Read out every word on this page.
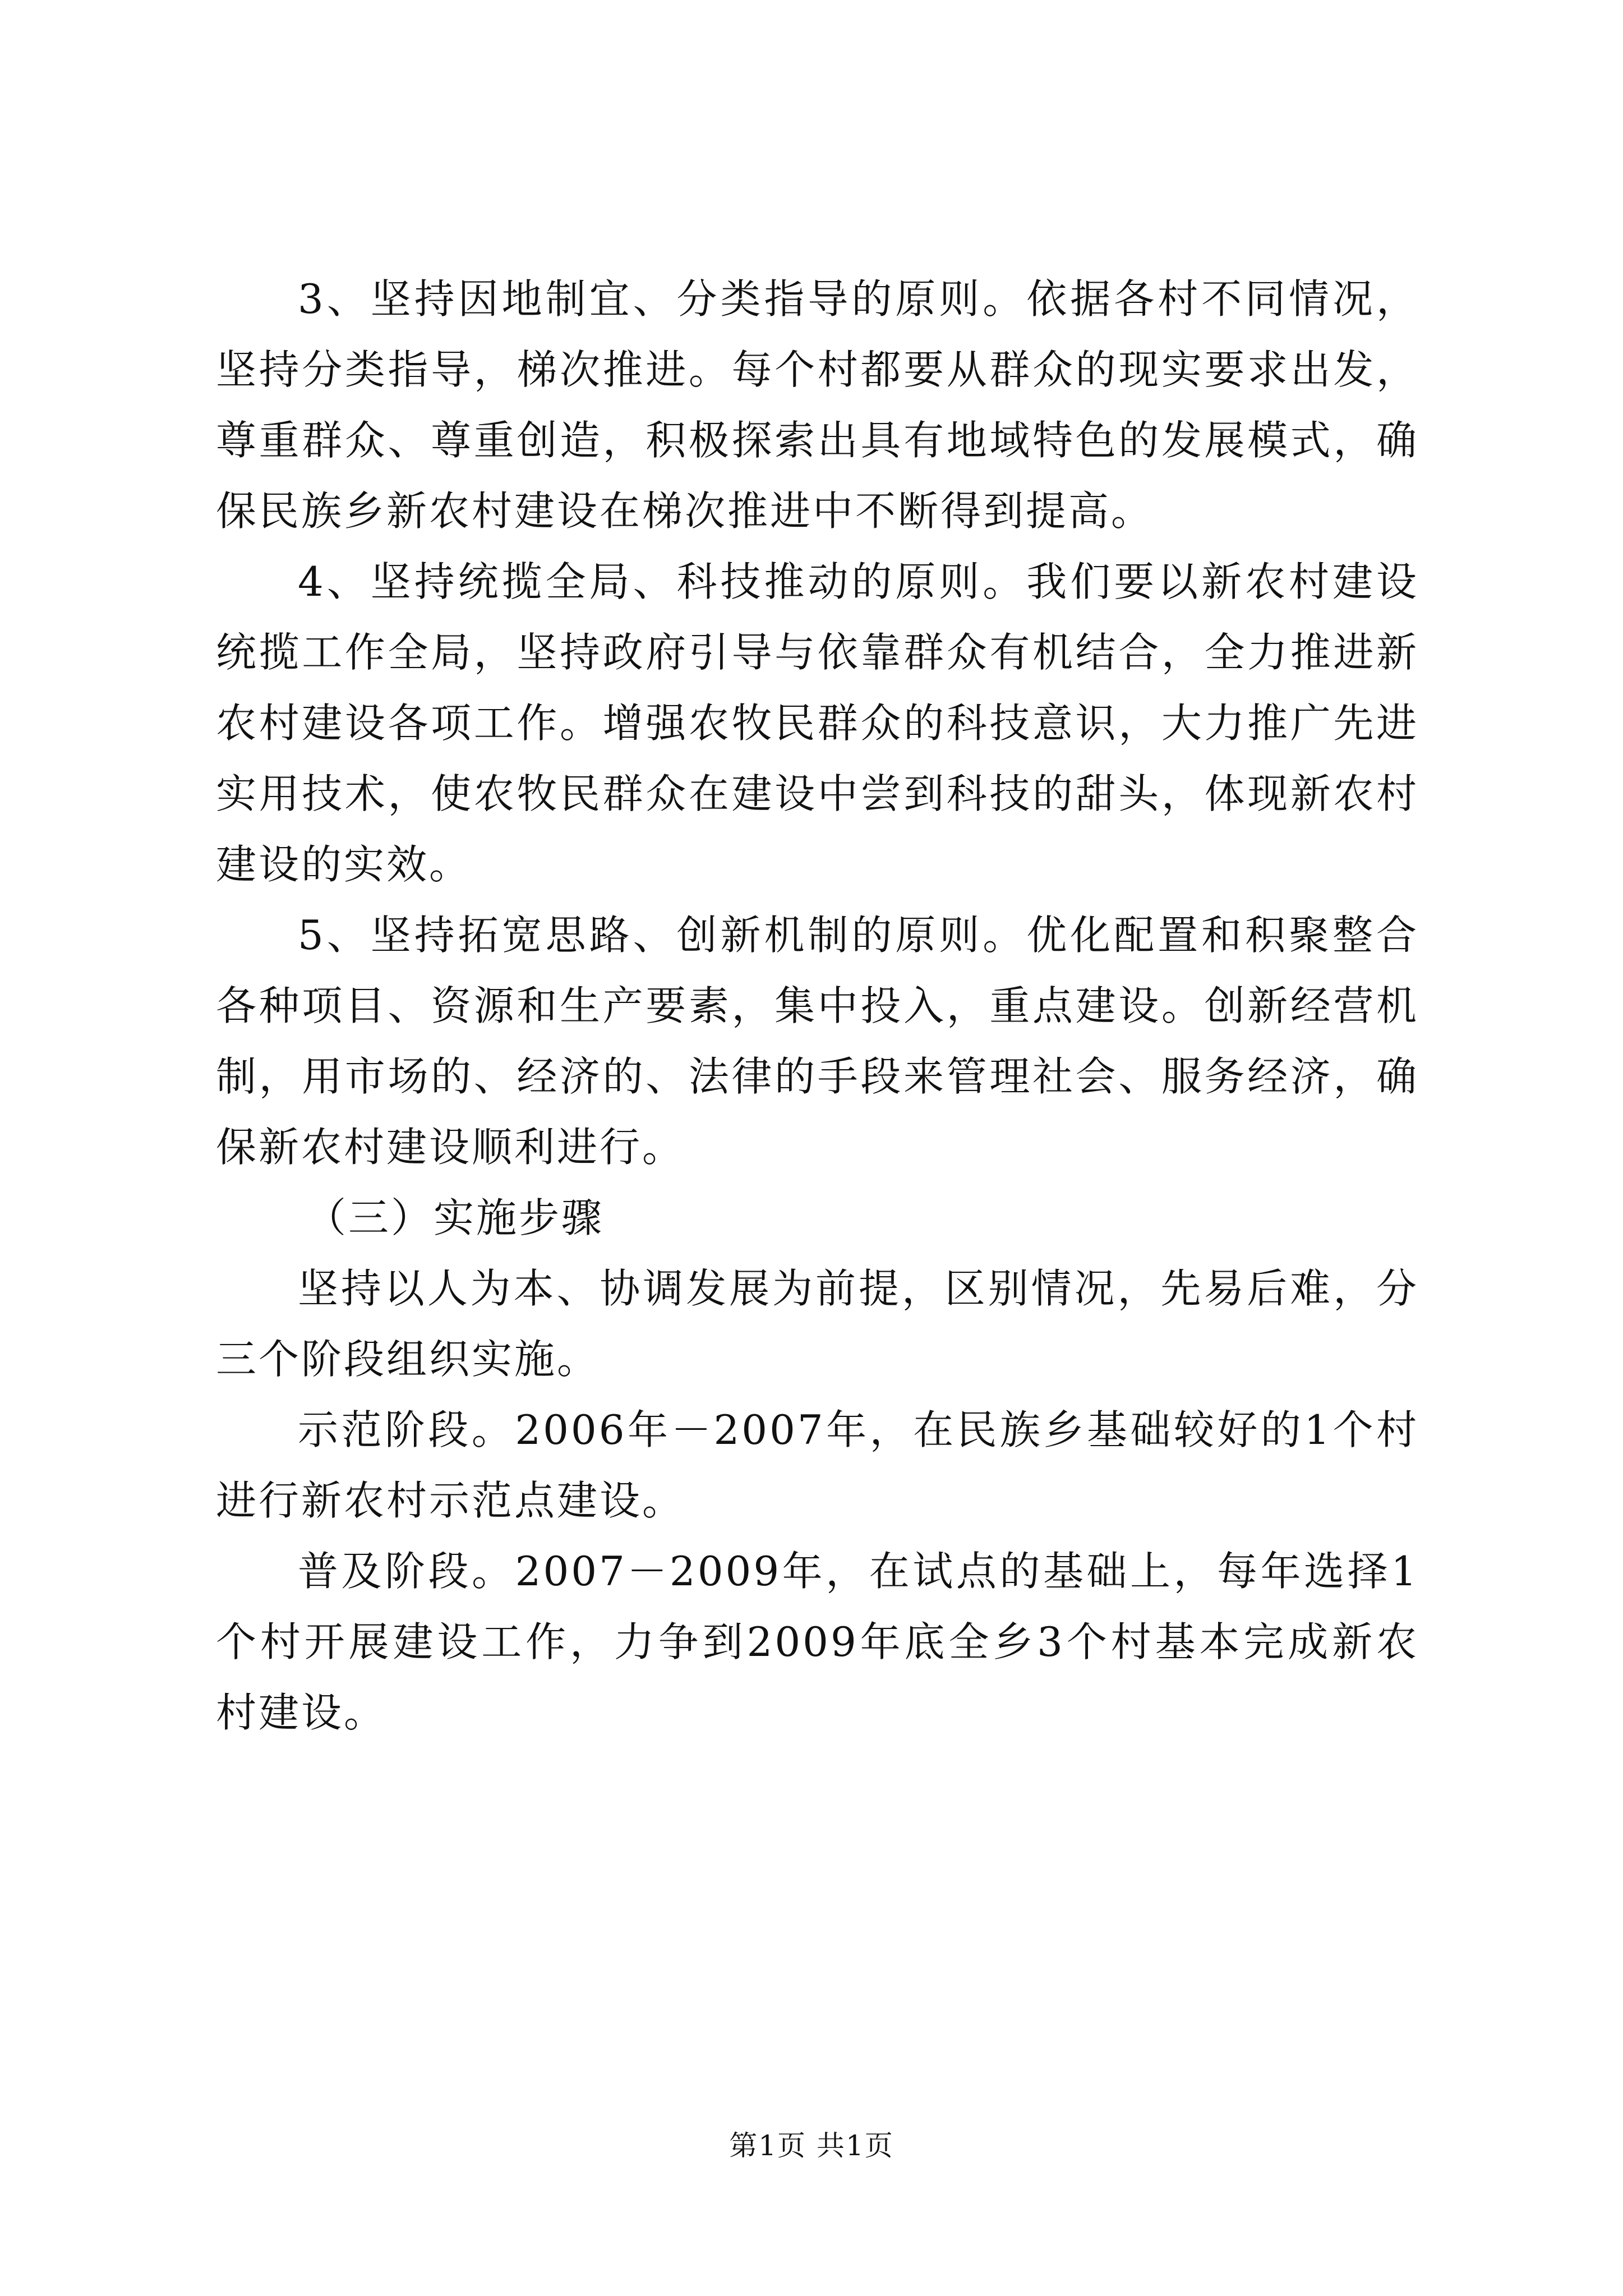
3、坚持因地制宜、分类指导的原则。依据各村不同情况，坚持分类指导，梯次推进。每个村都要从群众的现实要求出发，尊重群众、尊重创造，积极探索出具有地域特色的发展模式，确保民族乡新农村建设在梯次推进中不断得到提高。

4、坚持统揽全局、科技推动的原则。我们要以新农村建设统揽工作全局，坚持政府引导与依靠群众有机结合，全力推进新农村建设各项工作。增强农牧民群众的科技意识，大力推广先进实用技术，使农牧民群众在建设中尝到科技的甜头，体现新农村建设的实效。

5、坚持拓宽思路、创新机制的原则。优化配置和积聚整合各种项目、资源和生产要素，集中投入，重点建设。创新经营机制，用市场的、经济的、法律的手段来管理社会、服务经济，确保新农村建设顺利进行。

（三）实施步骤

坚持以人为本、协调发展为前提，区别情况，先易后难，分三个阶段组织实施。

示范阶段。2006年－2007年，在民族乡基础较好的1个村进行新农村示范点建设。

普及阶段。2007－2009年，在试点的基础上，每年选择1个村开展建设工作，力争到2009年底全乡3个村基本完成新农村建设。

第1页 共1页
